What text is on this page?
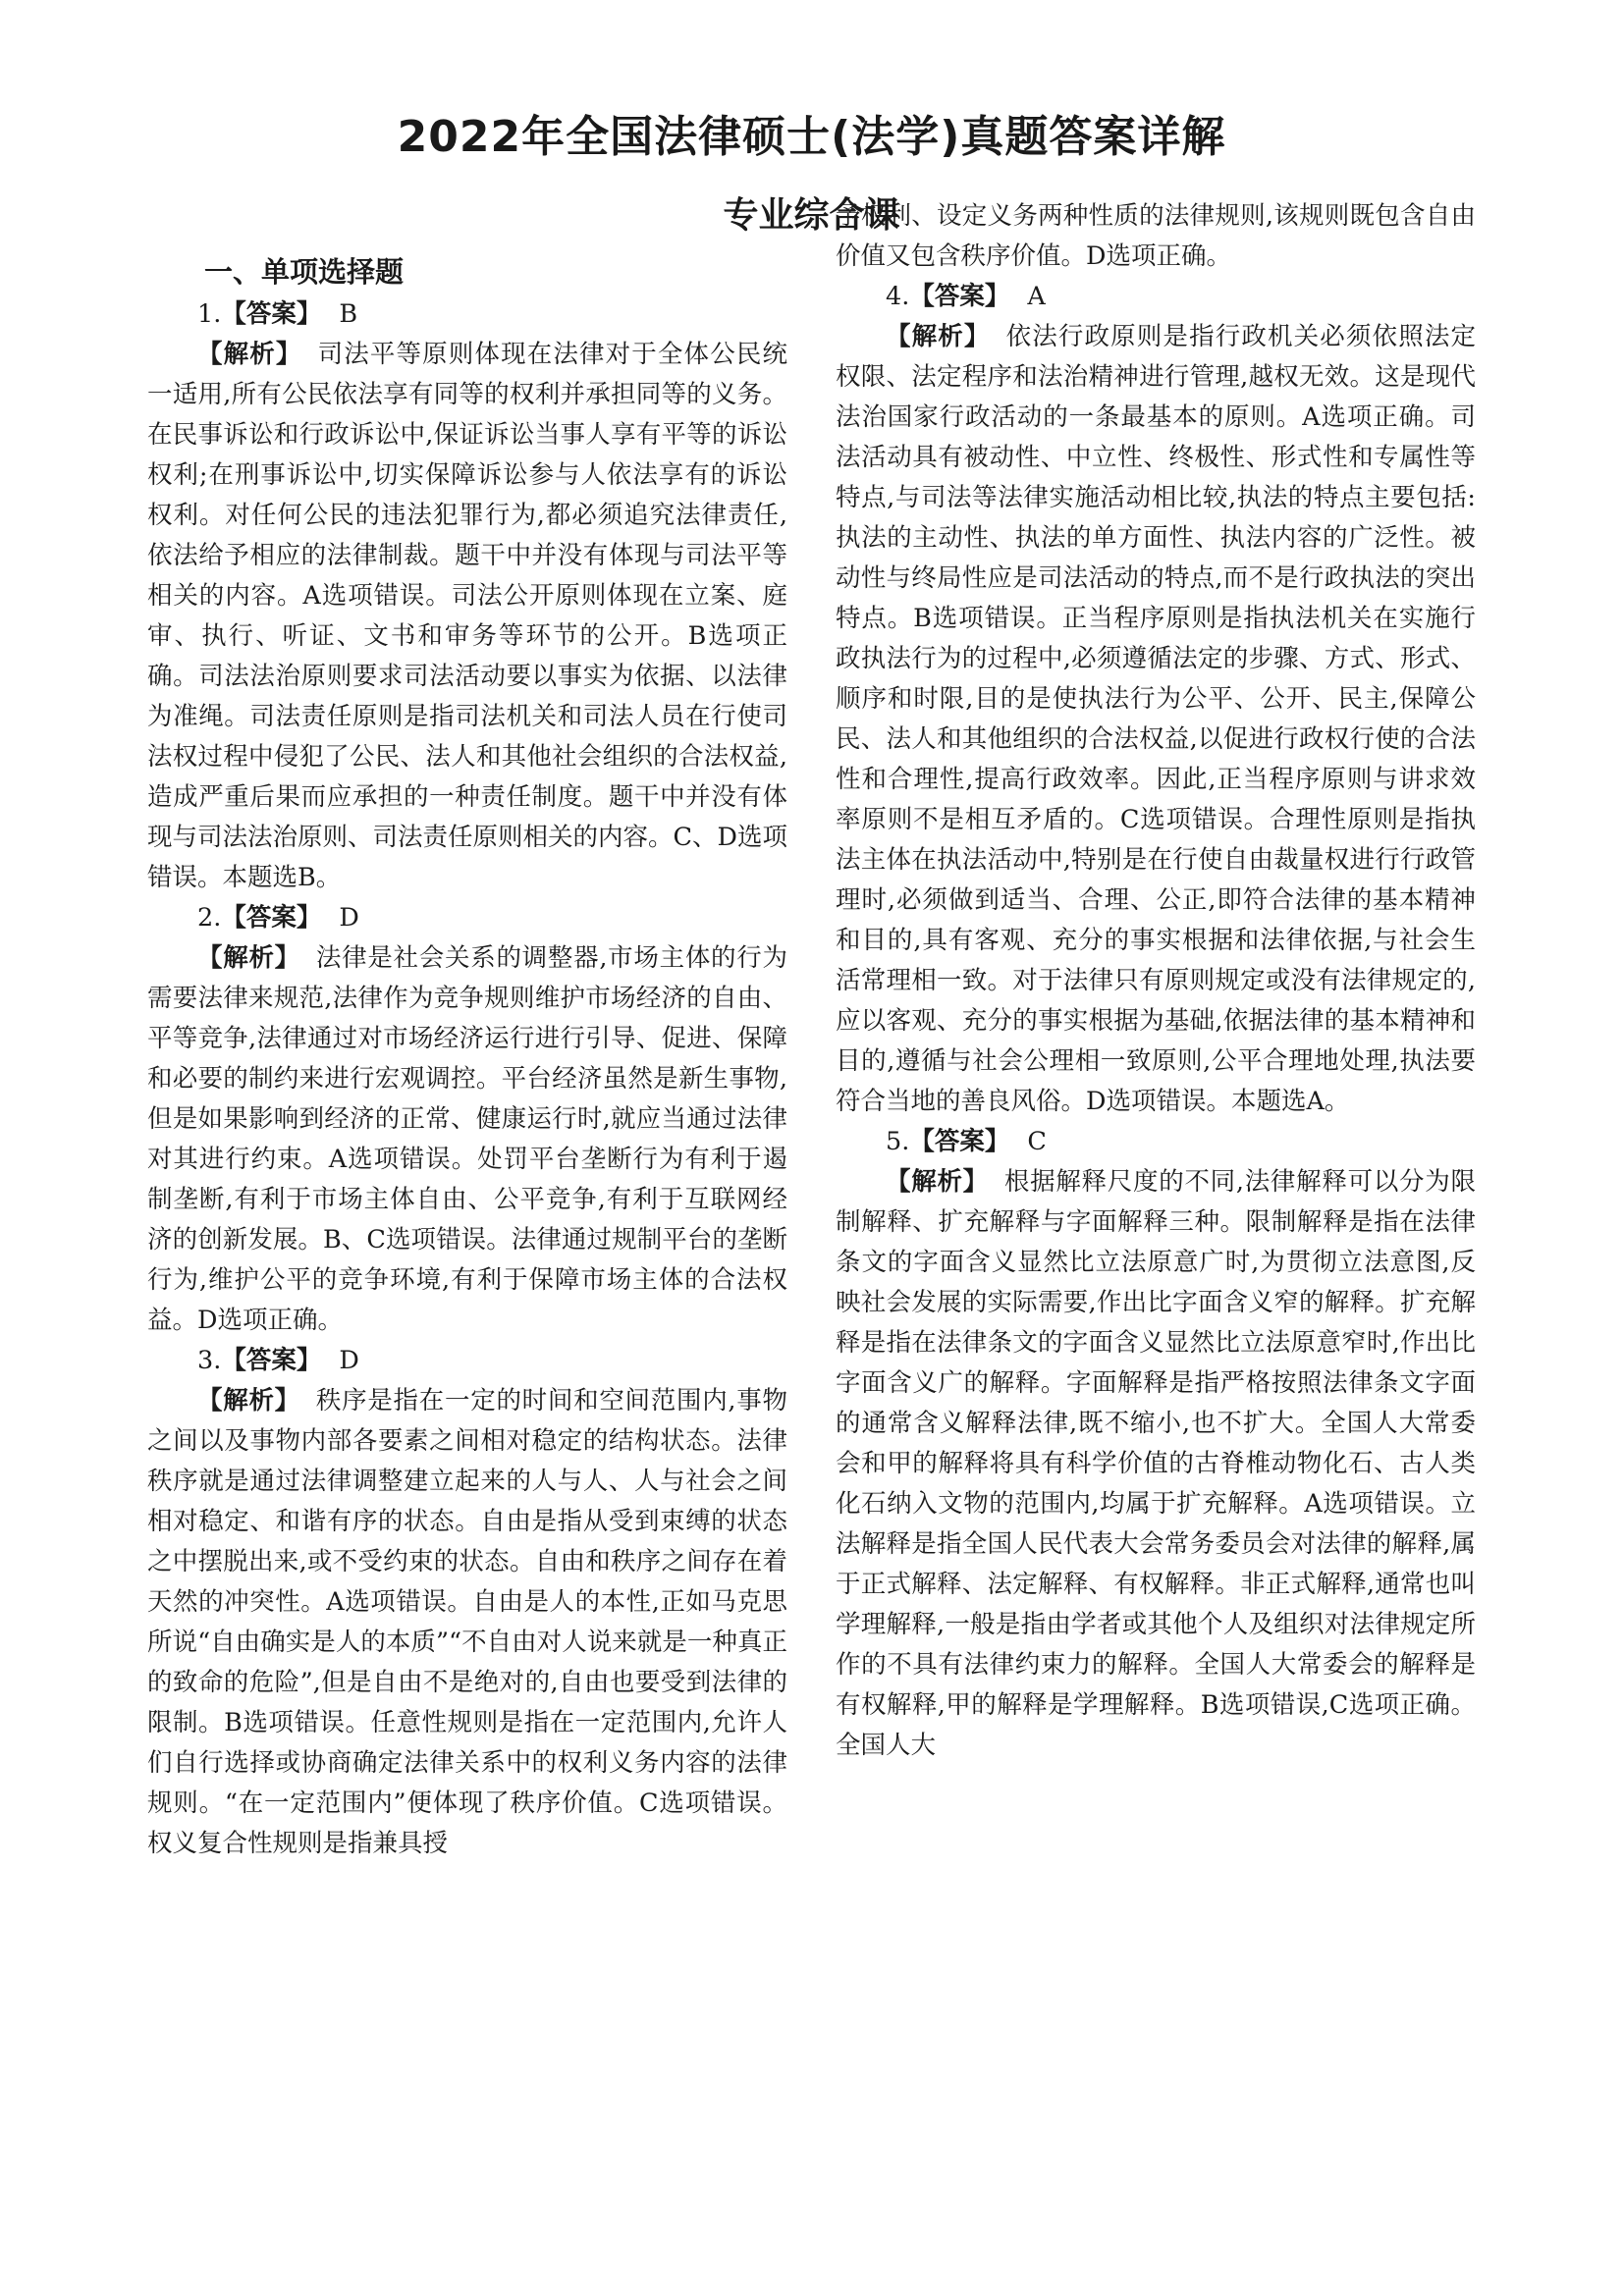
2022年全国法律硕士(法学)真题答案详解
专业综合课

一、单项选择题

1.【答案】 B

【解析】 司法平等原则体现在法律对于全体公民统一适用,所有公民依法享有同等的权利并承担同等的义务。在民事诉讼和行政诉讼中,保证诉讼当事人享有平等的诉讼权利;在刑事诉讼中,切实保障诉讼参与人依法享有的诉讼权利。对任何公民的违法犯罪行为,都必须追究法律责任,依法给予相应的法律制裁。题干中并没有体现与司法平等相关的内容。A选项错误。司法公开原则体现在立案、庭审、执行、听证、文书和审务等环节的公开。B选项正确。司法法治原则要求司法活动要以事实为依据、以法律为准绳。司法责任原则是指司法机关和司法人员在行使司法权过程中侵犯了公民、法人和其他社会组织的合法权益,造成严重后果而应承担的一种责任制度。题干中并没有体现与司法法治原则、司法责任原则相关的内容。C、D选项错误。本题选B。

2.【答案】 D

【解析】 法律是社会关系的调整器,市场主体的行为需要法律来规范,法律作为竞争规则维护市场经济的自由、平等竞争,法律通过对市场经济运行进行引导、促进、保障和必要的制约来进行宏观调控。平台经济虽然是新生事物,但是如果影响到经济的正常、健康运行时,就应当通过法律对其进行约束。A选项错误。处罚平台垄断行为有利于遏制垄断,有利于市场主体自由、公平竞争,有利于互联网经济的创新发展。B、C选项错误。法律通过规制平台的垄断行为,维护公平的竞争环境,有利于保障市场主体的合法权益。D选项正确。

3.【答案】 D

【解析】 秩序是指在一定的时间和空间范围内,事物之间以及事物内部各要素之间相对稳定的结构状态。法律秩序就是通过法律调整建立起来的人与人、人与社会之间相对稳定、和谐有序的状态。自由是指从受到束缚的状态之中摆脱出来,或不受约束的状态。自由和秩序之间存在着天然的冲突性。A选项错误。自由是人的本性,正如马克思所说“自由确实是人的本质”“不自由对人说来就是一种真正的致命的危险”,但是自由不是绝对的,自由也要受到法律的限制。B选项错误。任意性规则是指在一定范围内,允许人们自行选择或协商确定法律关系中的权利义务内容的法律规则。“在一定范围内”便体现了秩序价值。C选项错误。权义复合性规则是指兼具授

予权利、设定义务两种性质的法律规则,该规则既包含自由价值又包含秩序价值。D选项正确。

4.【答案】 A

【解析】 依法行政原则是指行政机关必须依照法定权限、法定程序和法治精神进行管理,越权无效。这是现代法治国家行政活动的一条最基本的原则。A选项正确。司法活动具有被动性、中立性、终极性、形式性和专属性等特点,与司法等法律实施活动相比较,执法的特点主要包括:执法的主动性、执法的单方面性、执法内容的广泛性。被动性与终局性应是司法活动的特点,而不是行政执法的突出特点。B选项错误。正当程序原则是指执法机关在实施行政执法行为的过程中,必须遵循法定的步骤、方式、形式、顺序和时限,目的是使执法行为公平、公开、民主,保障公民、法人和其他组织的合法权益,以促进行政权行使的合法性和合理性,提高行政效率。因此,正当程序原则与讲求效率原则不是相互矛盾的。C选项错误。合理性原则是指执法主体在执法活动中,特别是在行使自由裁量权进行行政管理时,必须做到适当、合理、公正,即符合法律的基本精神和目的,具有客观、充分的事实根据和法律依据,与社会生活常理相一致。对于法律只有原则规定或没有法律规定的,应以客观、充分的事实根据为基础,依据法律的基本精神和目的,遵循与社会公理相一致原则,公平合理地处理,执法要符合当地的善良风俗。D选项错误。本题选A。

5.【答案】 C

【解析】 根据解释尺度的不同,法律解释可以分为限制解释、扩充解释与字面解释三种。限制解释是指在法律条文的字面含义显然比立法原意广时,为贯彻立法意图,反映社会发展的实际需要,作出比字面含义窄的解释。扩充解释是指在法律条文的字面含义显然比立法原意窄时,作出比字面含义广的解释。字面解释是指严格按照法律条文字面的通常含义解释法律,既不缩小,也不扩大。全国人大常委会和甲的解释将具有科学价值的古脊椎动物化石、古人类化石纳入文物的范围内,均属于扩充解释。A选项错误。立法解释是指全国人民代表大会常务委员会对法律的解释,属于正式解释、法定解释、有权解释。非正式解释,通常也叫学理解释,一般是指由学者或其他个人及组织对法律规定所作的不具有法律约束力的解释。全国人大常委会的解释是有权解释,甲的解释是学理解释。B选项错误,C选项正确。全国人大
